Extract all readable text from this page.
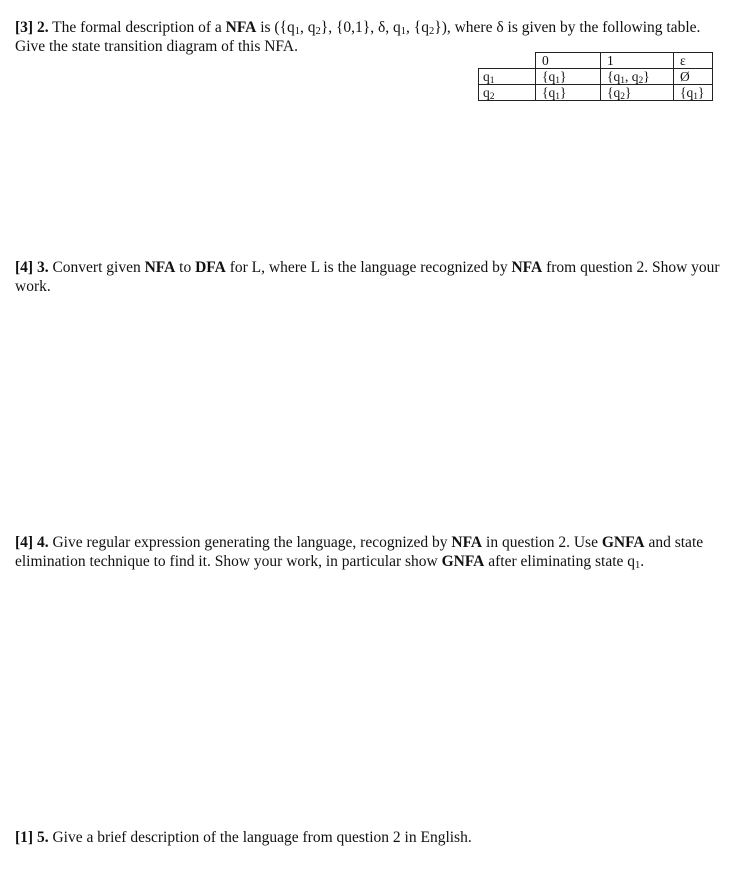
[3] 2. The formal description of a NFA is ({$q_1$, $q_2$}, {0,1}, δ, $q_1$, $\{q_2\}$), where δ is given by the following table. Give the state transition diagram of this NFA.
	0	1	ε
$q_1$	$\{q_1\}$	{$q_1$, $q_2$}	Ø
$q_2$	$\{q_1\}$	$\{q_2\}$	$\{q_1\}$
[4] 3. Convert given NFA to DFA for L, where L is the language recognized by NFA from question 2. Show your work.
[4] 4. Give regular expression generating the language, recognized by NFA in question 2. Use GNFA and state elimination technique to find it. Show your work, in particular show GNFA after eliminating state $q_1$.
[1] 5. Give a brief description of the language from question 2 in English.
